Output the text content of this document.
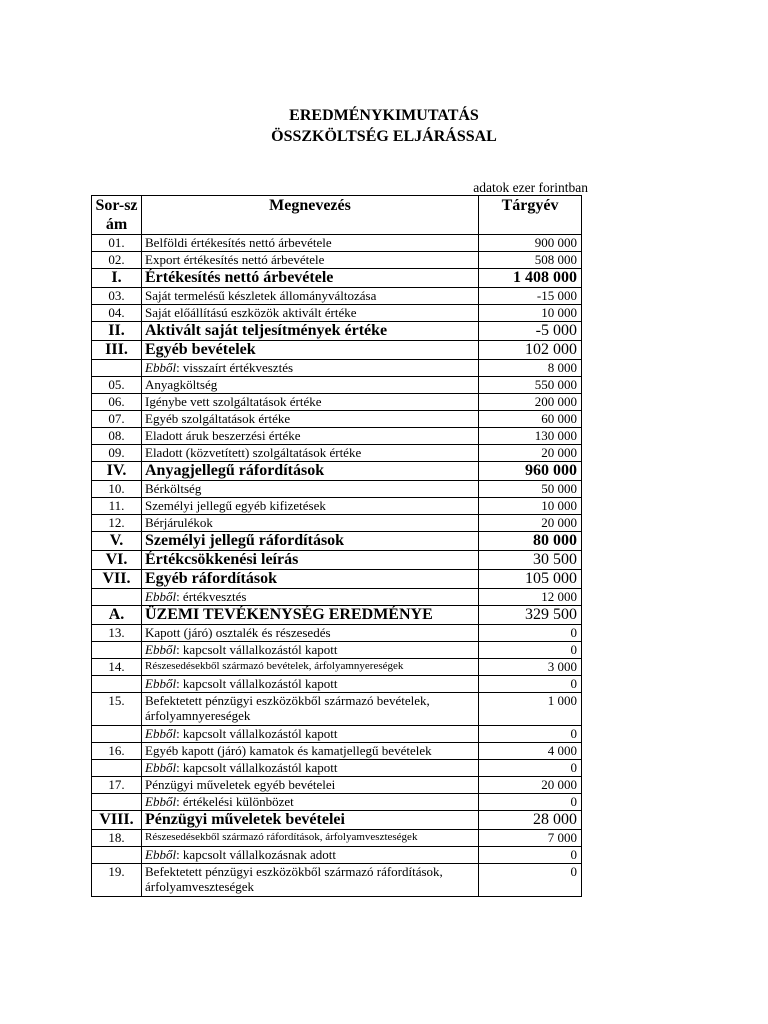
EREDMÉNYKIMUTATÁS
ÖSSZKÖLTSÉG ELJÁRÁSSAL
adatok ezer forintban
Sor-szám	Megnevezés	Tárgyév
01.	Belföldi értékesítés nettó árbevétele	900 000
02.	Export értékesítés nettó árbevétele	508 000
I.	Értékesítés nettó árbevétele	1 408 000
03.	Saját termelésű készletek állományváltozása	-15 000
04.	Saját előállítású eszközök aktivált értéke	10 000
II.	Aktivált saját teljesítmények értéke	-5 000
III.	Egyéb bevételek	102 000
	Ebből: visszaírt értékvesztés	8 000
05.	Anyagköltség	550 000
06.	Igénybe vett szolgáltatások értéke	200 000
07.	Egyéb szolgáltatások értéke	60 000
08.	Eladott áruk beszerzési értéke	130 000
09.	Eladott (közvetített) szolgáltatások értéke	20 000
IV.	Anyagjellegű ráfordítások	960 000
10.	Bérköltség	50 000
11.	Személyi jellegű egyéb kifizetések	10 000
12.	Bérjárulékok	20 000
V.	Személyi jellegű ráfordítások	80 000
VI.	Értékcsökkenési leírás	30 500
VII.	Egyéb ráfordítások	105 000
	Ebből: értékvesztés	12 000
A.	ÜZEMI TEVÉKENYSÉG EREDMÉNYE	329 500
13.	Kapott (járó) osztalék és részesedés	0
	Ebből: kapcsolt vállalkozástól kapott	0
14.	Részesedésekből származó bevételek, árfolyamnyereségek	3 000
	Ebből: kapcsolt vállalkozástól kapott	0
15.	Befektetett pénzügyi eszközökből származó bevételek, árfolyamnyereségek	1 000
	Ebből: kapcsolt vállalkozástól kapott	0
16.	Egyéb kapott (járó) kamatok és kamatjellegű bevételek	4 000
	Ebből: kapcsolt vállalkozástól kapott	0
17.	Pénzügyi műveletek egyéb bevételei	20 000
	Ebből: értékelési különbözet	0
VIII.	Pénzügyi műveletek bevételei	28 000
18.	Részesedésekből származó ráfordítások, árfolyamveszteségek	7 000
	Ebből: kapcsolt vállalkozásnak adott	0
19.	Befektetett pénzügyi eszközökből származó ráfordítások, árfolyamveszteségek	0
